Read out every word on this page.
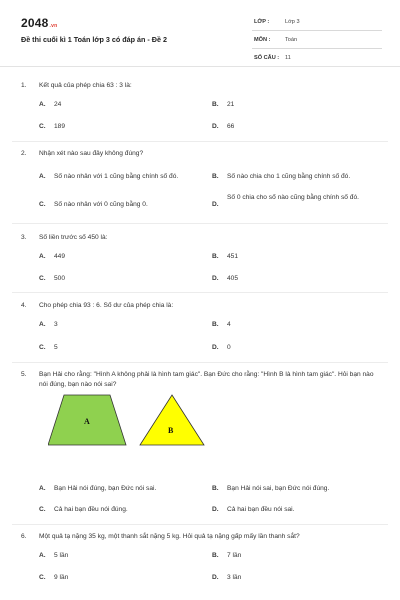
2048.vn
Đề thi cuối kì 1 Toán lớp 3 có đáp án - Đề 2
LỚP :	Lớp 3
MÔN :	Toán
SỐ CÂU : 11
1. Kết quả của phép chia 63 : 3 là:
A. 24	B. 21
C. 189	D. 66
2. Nhận xét nào sau đây không đúng?
A. Số nào nhân với 1 cũng bằng chính số đó.	B. Số nào chia cho 1 cũng bằng chính số đó.
C. Số nào nhân với 0 cũng bằng 0.	D.
Số 0 chia cho số nào cũng bằng chính số đó.
3. Số liền trước số 450 là:
A. 449	B. 451
C. 500	D. 405
4. Cho phép chia 93 : 6. Số dư của phép chia là:
A. 3	B. 4
C. 5	D. 0
5. Bạn Hải cho rằng: "Hình A không phải là hình tam giác". Bạn Đức cho rằng: "Hình B là hình tam giác". Hỏi bạn nào nói đúng, bạn nào nói sai?
A
B
A. Bạn Hải nói đúng, bạn Đức nói sai.	B. Bạn Hải nói sai, bạn Đức nói đúng.
C. Cả hai bạn đều nói đúng.	D. Cả hai bạn đều nói sai.
6. Một quả tạ nặng 35 kg, một thanh sắt nặng 5 kg. Hỏi quả tạ nặng gấp mấy lần thanh sắt?
A. 5 lần	B. 7 lần
C. 9 lần	D. 3 lần
